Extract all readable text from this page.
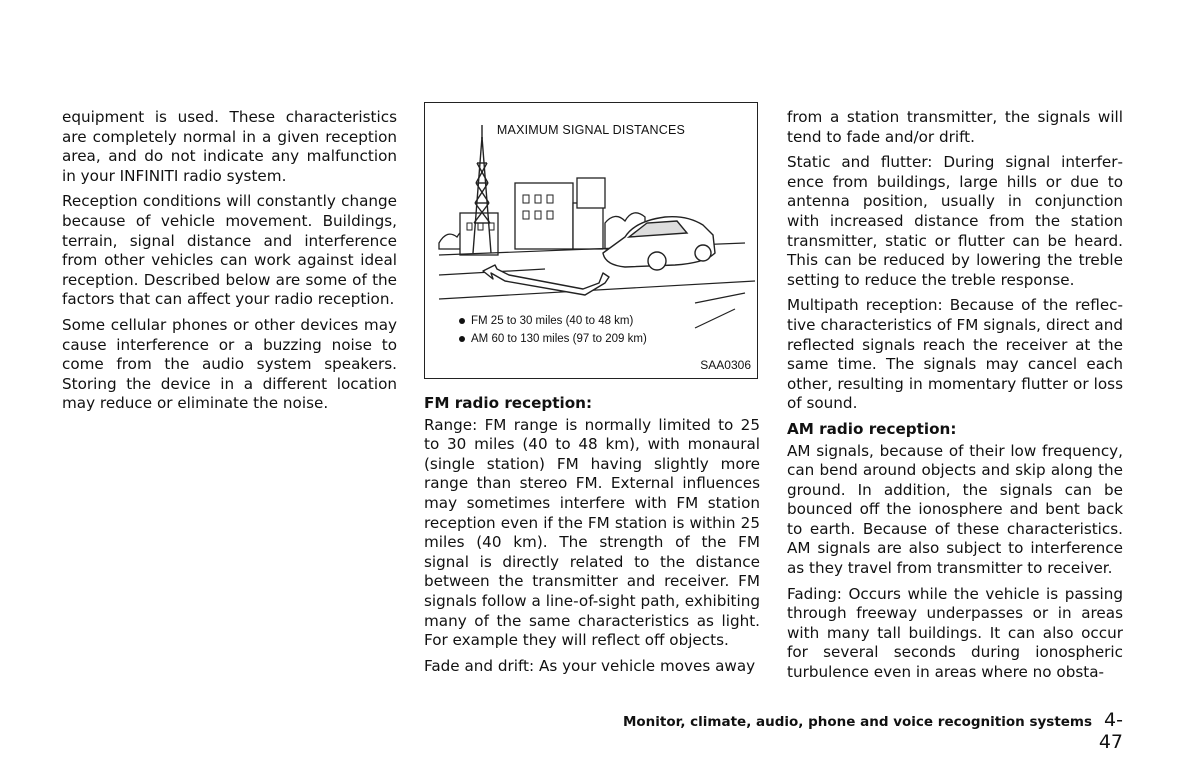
equipment is used. These characteristics are completely normal in a given reception area, and do not indicate any malfunction in your INFINITI radio system.

Reception conditions will constantly change because of vehicle movement. Buildings, terrain, signal distance and interference from other vehicles can work against ideal reception. Described below are some of the factors that can affect your radio reception.

Some cellular phones or other devices may cause interference or a buzzing noise to come from the audio system speakers. Storing the device in a different location may reduce or eliminate the noise.

MAXIMUM SIGNAL DISTANCES
FM 25 to 30 miles (40 to 48 km)
AM 60 to 130 miles (97 to 209 km)
SAA0306
FM radio reception:

Range: FM range is normally limited to 25 to 30 miles (40 to 48 km), with monaural (single station) FM having slightly more range than stereo FM. External influences may sometimes interfere with FM station reception even if the FM station is within 25 miles (40 km). The strength of the FM signal is directly related to the distance between the transmitter and receiver. FM signals follow a line-of-sight path, exhibiting many of the same characteristics as light. For example they will reflect off objects.

Fade and drift: As your vehicle moves away

from a station transmitter, the signals will tend to fade and/or drift.

Static and flutter: During signal interference from buildings, large hills or due to antenna position, usually in conjunction with increased distance from the station transmitter, static or flutter can be heard. This can be reduced by lowering the treble setting to reduce the treble response.

Multipath reception: Because of the reflective characteristics of FM signals, direct and reflected signals reach the receiver at the same time. The signals may cancel each other, resulting in momentary flutter or loss of sound.

AM radio reception:

AM signals, because of their low frequency, can bend around objects and skip along the ground. In addition, the signals can be bounced off the ionosphere and bent back to earth. Because of these characteristics. AM signals are also subject to interference as they travel from transmitter to receiver.

Fading: Occurs while the vehicle is passing through freeway underpasses or in areas with many tall buildings. It can also occur for several seconds during ionospheric turbulence even in areas where no obsta-

Monitor, climate, audio, phone and voice recognition systems 4-47
